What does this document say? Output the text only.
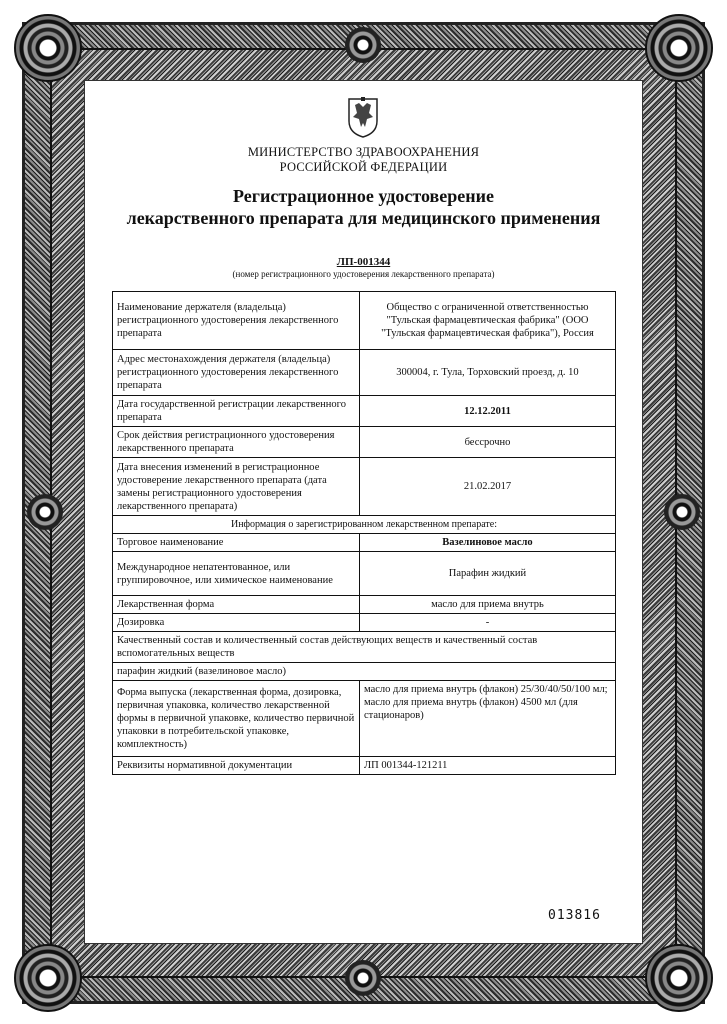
МИНИСТЕРСТВО ЗДРАВООХРАНЕНИЯ
РОССИЙСКОЙ ФЕДЕРАЦИИ
Регистрационное удостоверение
лекарственного препарата для медицинского применения
ЛП-001344
(номер регистрационного удостоверения лекарственного препарата)
Наименование держателя (владельца) регистрационного удостоверения лекарственного препарата	Общество с ограниченной ответственностью "Тульская фармацевтическая фабрика" (ООО "Тульская фармацевтическая фабрика"), Россия
Адрес местонахождения держателя (владельца) регистрационного удостоверения лекарственного препарата	300004, г. Тула, Торховский проезд, д. 10
Дата государственной регистрации лекарственного препарата	12.12.2011
Срок действия регистрационного удостоверения лекарственного препарата	бессрочно
Дата внесения изменений в регистрационное удостоверение лекарственного препарата (дата замены регистрационного удостоверения лекарственного препарата)	21.02.2017
Информация о зарегистрированном лекарственном препарате:	
Торговое наименование	Вазелиновое масло
Международное непатентованное, или группировочное, или химическое наименование	Парафин жидкий
Лекарственная форма	масло для приема внутрь
Дозировка	-
Качественный состав и количественный состав действующих веществ и качественный состав вспомогательных веществ	
парафин жидкий (вазелиновое масло)	
Форма выпуска (лекарственная форма, дозировка, первичная упаковка, количество лекарственной формы в первичной упаковке, количество первичной упаковки в потребительской упаковке, комплектность)	масло для приема внутрь (флакон) 25/30/40/50/100 мл;
масло для приема внутрь (флакон) 4500 мл (для стационаров)

Реквизиты нормативной документации	ЛП 001344-121211
013816
